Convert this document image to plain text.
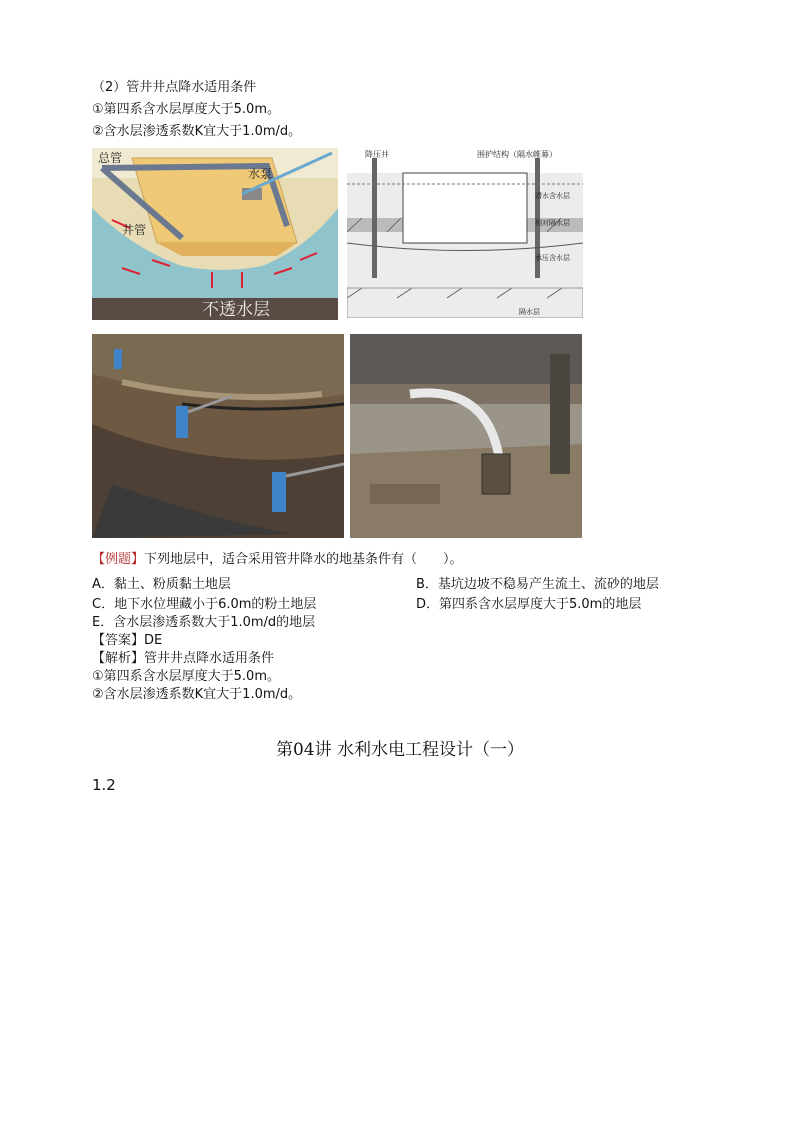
（2）管井井点降水适用条件
①第四系含水层厚度大于5.0m。
②含水层渗透系数K宜大于1.0m/d。
总管
水泵
井管
不透水层
降压井	围护结构（隔水帷幕）
潜水含水层
相对隔水层
承压含水层
隔水层
【例题】下列地层中，适合采用管井降水的地基条件有（　　）。
A．黏土、粉质黏土地层	B．基坑边坡不稳易产生流土、流砂的地层
C．地下水位埋藏小于6.0m的粉土地层	D．第四系含水层厚度大于5.0m的地层
E．含水层渗透系数大于1.0m/d的地层
【答案】DE
【解析】管井井点降水适用条件
①第四系含水层厚度大于5.0m。
②含水层渗透系数K宜大于1.0m/d。
第04讲 水利水电工程设计（一）
1.2
